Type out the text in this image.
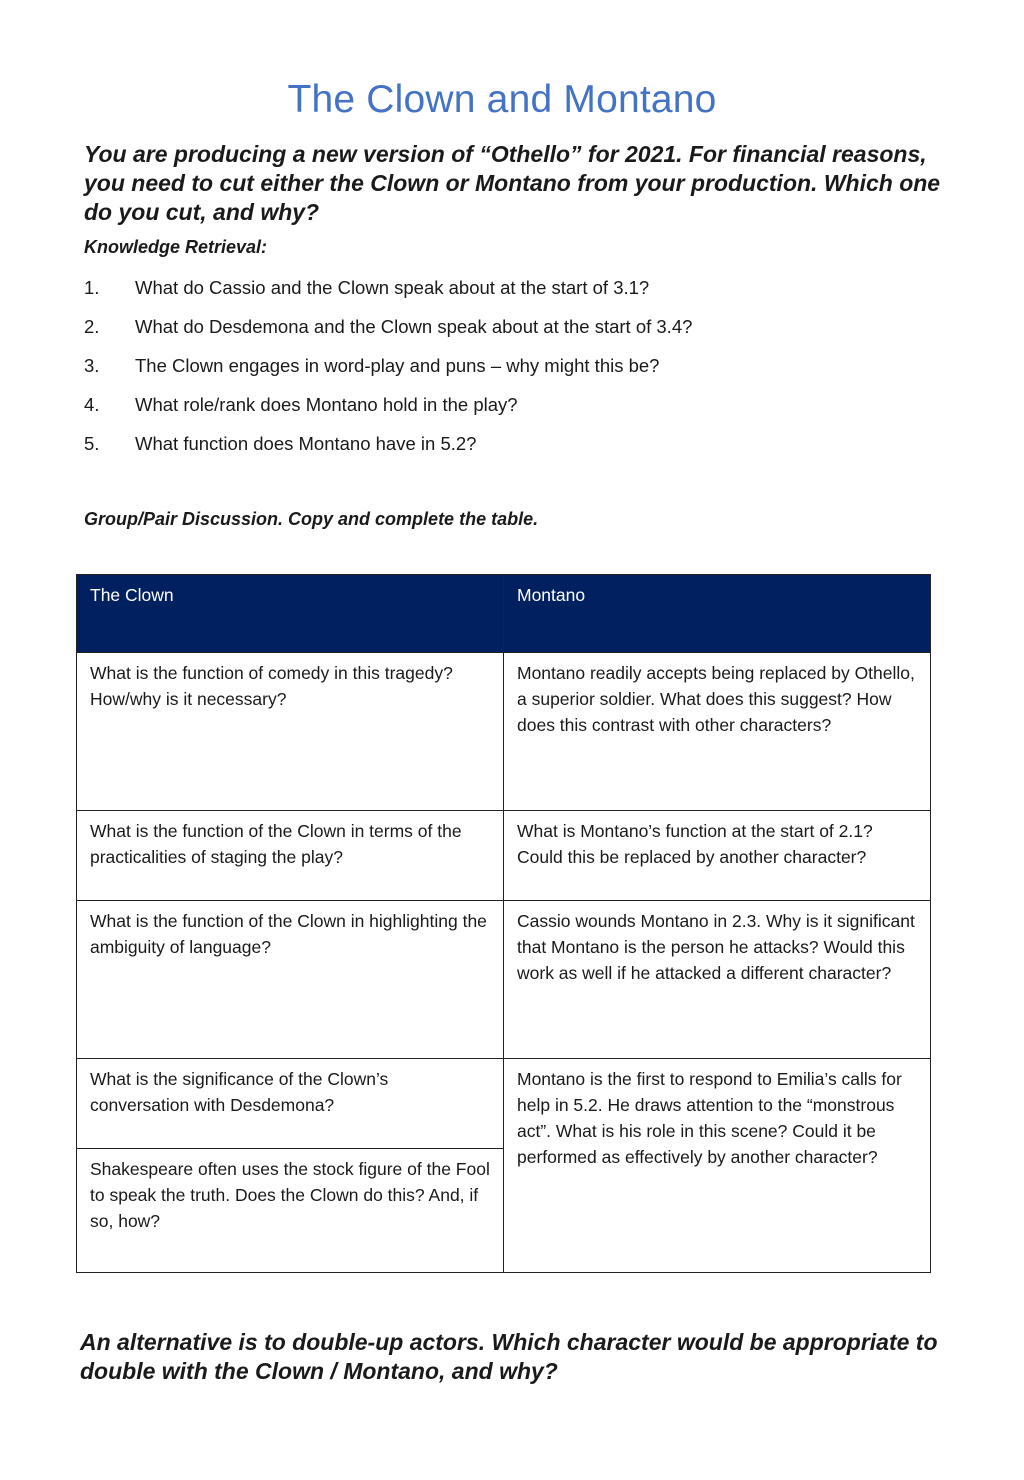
The Clown and Montano
You are producing a new version of “Othello” for 2021. For financial reasons, you need to cut either the Clown or Montano from your production. Which one do you cut, and why?
Knowledge Retrieval:
1.	What do Cassio and the Clown speak about at the start of 3.1?
2.	What do Desdemona and the Clown speak about at the start of 3.4?
3.	The Clown engages in word-play and puns – why might this be?
4.	What role/rank does Montano hold in the play?
5.	What function does Montano have in 5.2?
Group/Pair Discussion. Copy and complete the table.
The Clown	Montano
What is the function of comedy in this tragedy? How/why is it necessary?	Montano readily accepts being replaced by Othello, a superior soldier. What does this suggest? How does this contrast with other characters?
What is the function of the Clown in terms of the practicalities of staging the play?	What is Montano’s function at the start of 2.1? Could this be replaced by another character?
What is the function of the Clown in highlighting the ambiguity of language?	Cassio wounds Montano in 2.3. Why is it significant that Montano is the person he attacks? Would this work as well if he attacked a different character?
What is the significance of the Clown’s conversation with Desdemona?	Montano is the first to respond to Emilia’s calls for help in 5.2. He draws attention to the “monstrous act”. What is his role in this scene? Could it be performed as effectively by another character?
Shakespeare often uses the stock figure of the Fool to speak the truth. Does the Clown do this? And, if so, how?	
An alternative is to double-up actors. Which character would be appropriate to double with the Clown / Montano, and why?
